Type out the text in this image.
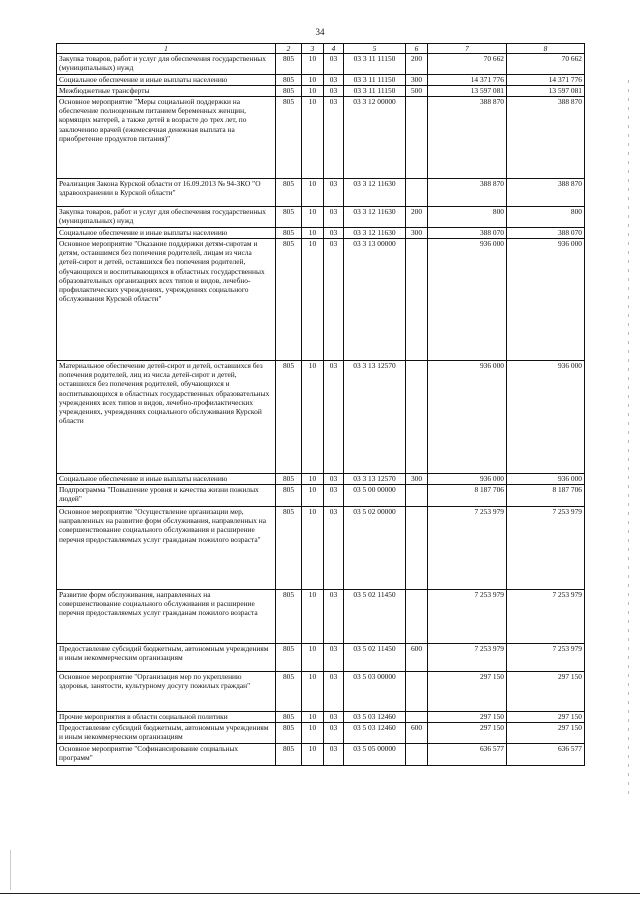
34
1	2	3	4	5	6	7	8
Закупка товаров, работ и услуг для обеспечения государственных (муниципальных) нужд	805	10	03	03 3 11 11150	200	70 662	70 662
Социальное обеспечение и иные выплаты населению	805	10	03	03 3 11 11150	300	14 371 776	14 371 776
Межбюджетные трансферты	805	10	03	03 3 11 11150	500	13 597 081	13 597 081
Основное мероприятие "Меры социальной поддержки на обеспечение полноценным питанием беременных женщин, кормящих матерей, а также детей в возрасте до трех лет, по заключению врачей (ежемесячная денежная выплата на приобретение продуктов питания)"	805	10	03	03 3 12 00000		388 870	388 870
Реализация Закона Курской области от 16.09.2013 № 94-ЗКО "О здравоохранении в Курской области"	805	10	03	03 3 12 11630		388 870	388 870
Закупка товаров, работ и услуг для обеспечения государственных (муниципальных) нужд	805	10	03	03 3 12 11630	200	800	800
Социальное обеспечение и иные выплаты населению	805	10	03	03 3 12 11630	300	388 070	388 070
Основное мероприятие "Оказание поддержки детям-сиротам и детям, оставшимся без попечения родителей, лицам из числа детей-сирот и детей, оставшихся без попечения родителей, обучающихся и воспитывающихся в областных государственных образовательных организациях всех типов и видов, лечебно-профилактических учреждениях, учреждениях социального обслуживания Курской области"	805	10	03	03 3 13 00000		936 000	936 000
Материальное обеспечение детей-сирот и детей, оставшихся без попечения родителей, лиц из числа детей-сирот и детей, оставшихся без попечения родителей, обучающихся и воспитывающихся в областных государственных образовательных учреждениях всех типов и видов, лечебно-профилактических учреждениях, учреждениях социального обслуживания Курской области	805	10	03	03 3 13 12570		936 000	936 000
Социальное обеспечение и иные выплаты населению	805	10	03	03 3 13 12570	300	936 000	936 000
Подпрограмма "Повышение уровня и качества жизни пожилых людей"	805	10	03	03 5 00 00000		8 187 706	8 187 706
Основное мероприятие "Осуществление организации мер, направленных на развитие форм обслуживания, направленных на совершенствование социального обслуживания и расширение перечня предоставляемых услуг гражданам пожилого возраста"	805	10	03	03 5 02 00000		7 253 979	7 253 979
Развитие форм обслуживания, направленных на совершенствование социального обслуживания и расширение перечня предоставляемых услуг гражданам пожилого возраста	805	10	03	03 5 02 11450		7 253 979	7 253 979
Предоставление субсидий бюджетным, автономным учреждениям и иным некоммерческим организациям	805	10	03	03 5 02 11450	600	7 253 979	7 253 979
Основное мероприятие "Организация мер по укреплению здоровья, занятости, культурному досугу пожилых граждан"	805	10	03	03 5 03 00000		297 150	297 150
Прочие мероприятия в области социальной политики	805	10	03	03 5 03 12460		297 150	297 150
Предоставление субсидий бюджетным, автономным учреждениям и иным некоммерческим организациям	805	10	03	03 5 03 12460	600	297 150	297 150
Основное мероприятие "Софинансирование социальных программ"	805	10	03	03 5 05 00000		636 577	636 577
